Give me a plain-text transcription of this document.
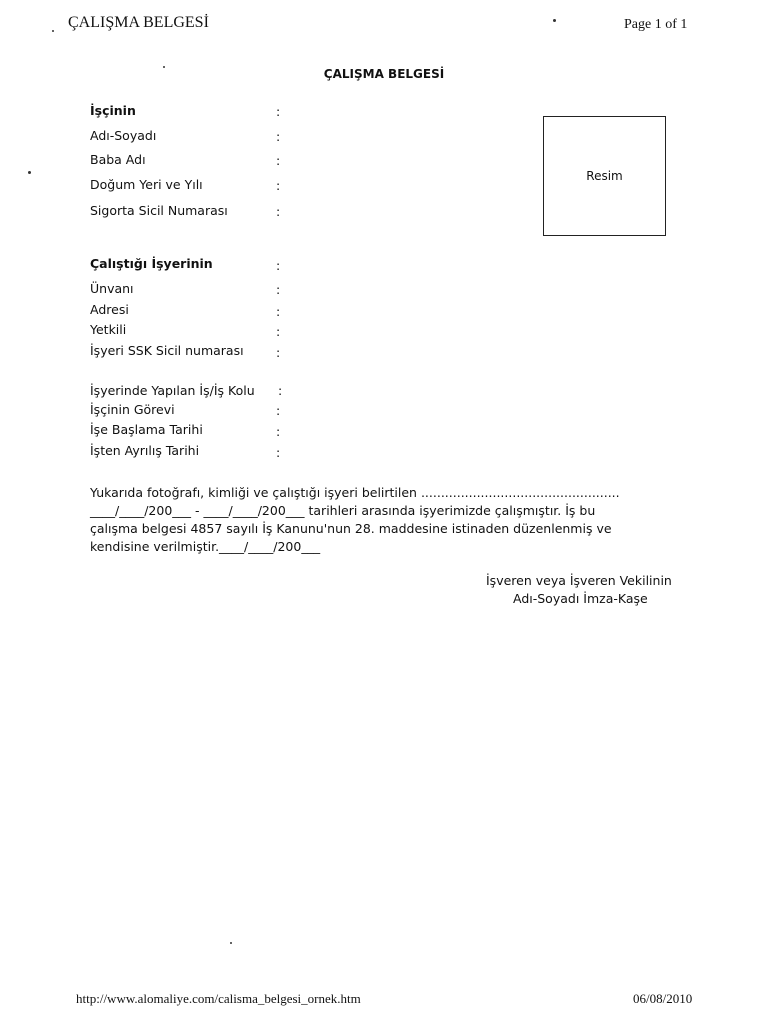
ÇALIŞMA BELGESİ	Page 1 of 1
ÇALIŞMA BELGESİ
İşçinin	:
Adı-Soyadı	:
Baba Adı	:
Doğum Yeri ve Yılı	:
Sigorta Sicil Numarası	:
Resim
Çalıştığı İşyerinin	:
Ünvanı	:
Adresi	:
Yetkili	:
İşyeri SSK Sicil numarası	:
İşyerinde Yapılan İş/İş Kolu :
İşçinin Görevi	:
İşe Başlama Tarihi	:
İşten Ayrılış Tarihi	:
Yukarıda fotoğrafı, kimliği ve çalıştığı işyeri belirtilen ..................................................
____/____/200___ - ____/____/200___ tarihleri arasında işyerimizde çalışmıştır. İş bu
çalışma belgesi 4857 sayılı İş Kanunu'nun 28. maddesine istinaden düzenlenmiş ve
kendisine verilmiştir.____/____/200___
İşveren veya İşveren Vekilinin
Adı-Soyadı İmza-Kaşe
http://www.alomaliye.com/calisma_belgesi_ornek.htm	06/08/2010
